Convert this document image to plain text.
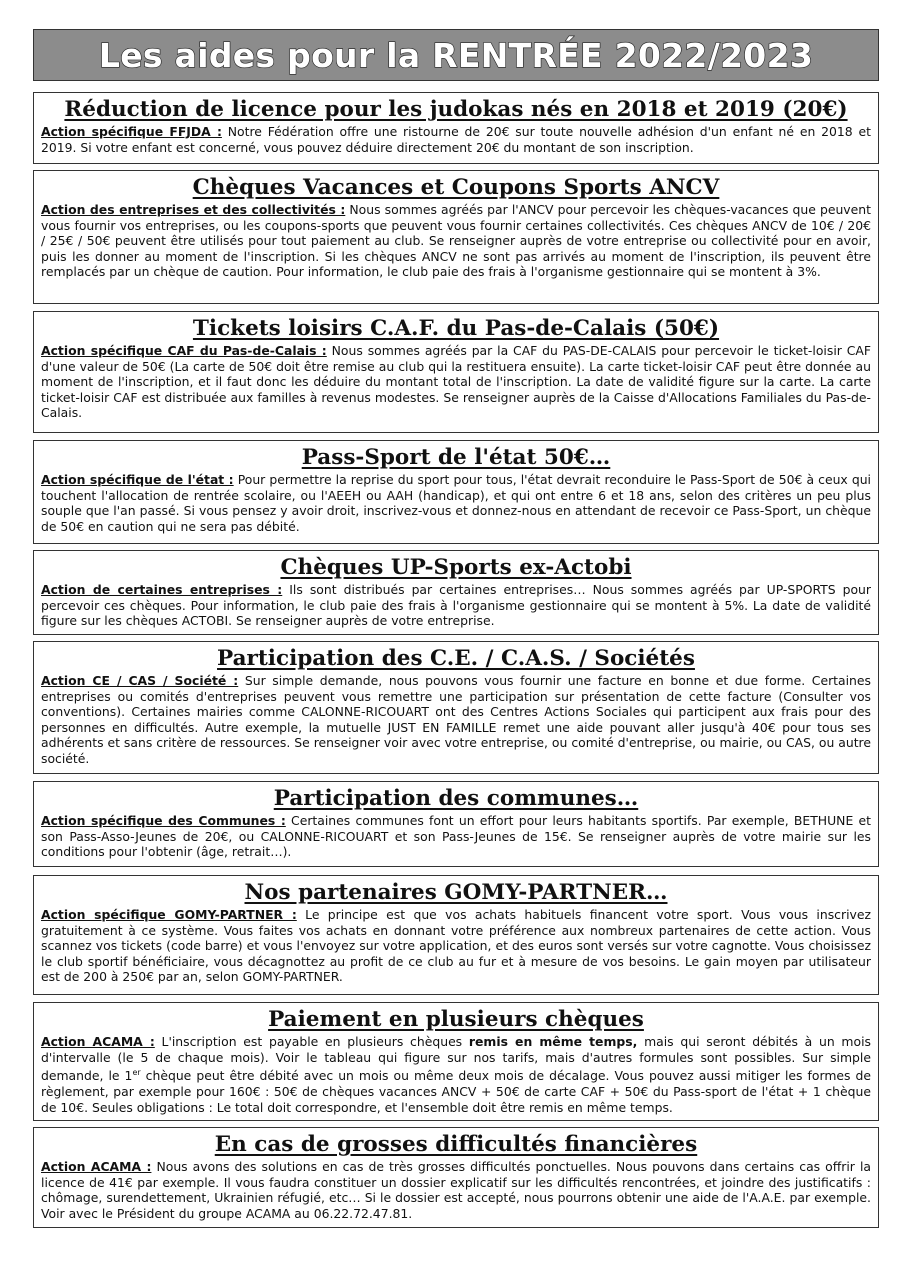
Les aides pour la RENTRÉE 2022/2023
Réduction de licence pour les judokas nés en 2018 et 2019 (20€)

Action spécifique FFJDA : Notre Fédération offre une ristourne de 20€ sur toute nouvelle adhésion d'un enfant né en 2018 et 2019. Si votre enfant est concerné, vous pouvez déduire directement 20€ du montant de son inscription.

Chèques Vacances et Coupons Sports ANCV

Action des entreprises et des collectivités : Nous sommes agréés par l'ANCV pour percevoir les chèques-vacances que peuvent vous fournir vos entreprises, ou les coupons-sports que peuvent vous fournir certaines collectivités. Ces chèques ANCV de 10€ / 20€ / 25€ / 50€ peuvent être utilisés pour tout paiement au club. Se renseigner auprès de votre entreprise ou collectivité pour en avoir, puis les donner au moment de l'inscription. Si les chèques ANCV ne sont pas arrivés au moment de l'inscription, ils peuvent être remplacés par un chèque de caution. Pour information, le club paie des frais à l'organisme gestionnaire qui se montent à 3%.

Tickets loisirs C.A.F. du Pas-de-Calais (50€)

Action spécifique CAF du Pas-de-Calais : Nous sommes agréés par la CAF du PAS-DE-CALAIS pour percevoir le ticket-loisir CAF d'une valeur de 50€ (La carte de 50€ doit être remise au club qui la restituera ensuite). La carte ticket-loisir CAF peut être donnée au moment de l'inscription, et il faut donc les déduire du montant total de l'inscription. La date de validité figure sur la carte. La carte ticket-loisir CAF est distribuée aux familles à revenus modestes. Se renseigner auprès de la Caisse d'Allocations Familiales du Pas-de-Calais.

Pass-Sport de l'état 50€…

Action spécifique de l'état : Pour permettre la reprise du sport pour tous, l'état devrait reconduire le Pass-Sport de 50€ à ceux qui touchent l'allocation de rentrée scolaire, ou l'AEEH ou AAH (handicap), et qui ont entre 6 et 18 ans, selon des critères un peu plus souple que l'an passé. Si vous pensez y avoir droit, inscrivez-vous et donnez-nous en attendant de recevoir ce Pass-Sport, un chèque de 50€ en caution qui ne sera pas débité.

Chèques UP-Sports ex-Actobi

Action de certaines entreprises : Ils sont distribués par certaines entreprises… Nous sommes agréés par UP-SPORTS pour percevoir ces chèques. Pour information, le club paie des frais à l'organisme gestionnaire qui se montent à 5%. La date de validité figure sur les chèques ACTOBI. Se renseigner auprès de votre entreprise.

Participation des C.E. / C.A.S. / Sociétés

Action CE / CAS / Société : Sur simple demande, nous pouvons vous fournir une facture en bonne et due forme. Certaines entreprises ou comités d'entreprises peuvent vous remettre une participation sur présentation de cette facture (Consulter vos conventions). Certaines mairies comme CALONNE-RICOUART ont des Centres Actions Sociales qui participent aux frais pour des personnes en difficultés. Autre exemple, la mutuelle JUST EN FAMILLE remet une aide pouvant aller jusqu'à 40€ pour tous ses adhérents et sans critère de ressources. Se renseigner voir avec votre entreprise, ou comité d'entreprise, ou mairie, ou CAS, ou autre société.

Participation des communes…

Action spécifique des Communes : Certaines communes font un effort pour leurs habitants sportifs. Par exemple, BETHUNE et son Pass-Asso-Jeunes de 20€, ou CALONNE-RICOUART et son Pass-Jeunes de 15€. Se renseigner auprès de votre mairie sur les conditions pour l'obtenir (âge, retrait…).

Nos partenaires GOMY-PARTNER…

Action spécifique GOMY-PARTNER : Le principe est que vos achats habituels financent votre sport. Vous vous inscrivez gratuitement à ce système. Vous faites vos achats en donnant votre préférence aux nombreux partenaires de cette action. Vous scannez vos tickets (code barre) et vous l'envoyez sur votre application, et des euros sont versés sur votre cagnotte. Vous choisissez le club sportif bénéficiaire, vous décagnottez au profit de ce club au fur et à mesure de vos besoins. Le gain moyen par utilisateur est de 200 à 250€ par an, selon GOMY-PARTNER.

Paiement en plusieurs chèques

Action ACAMA : L'inscription est payable en plusieurs chèques remis en même temps, mais qui seront débités à un mois d'intervalle (le 5 de chaque mois). Voir le tableau qui figure sur nos tarifs, mais d'autres formules sont possibles. Sur simple demande, le 1er chèque peut être débité avec un mois ou même deux mois de décalage. Vous pouvez aussi mitiger les formes de règlement, par exemple pour 160€ : 50€ de chèques vacances ANCV + 50€ de carte CAF + 50€ du Pass-sport de l'état + 1 chèque de 10€. Seules obligations : Le total doit correspondre, et l'ensemble doit être remis en même temps.

En cas de grosses difficultés financières

Action ACAMA : Nous avons des solutions en cas de très grosses difficultés ponctuelles. Nous pouvons dans certains cas offrir la licence de 41€ par exemple. Il vous faudra constituer un dossier explicatif sur les difficultés rencontrées, et joindre des justificatifs : chômage, surendettement, Ukrainien réfugié, etc… Si le dossier est accepté, nous pourrons obtenir une aide de l'A.A.E. par exemple. Voir avec le Président du groupe ACAMA au 06.22.72.47.81.
